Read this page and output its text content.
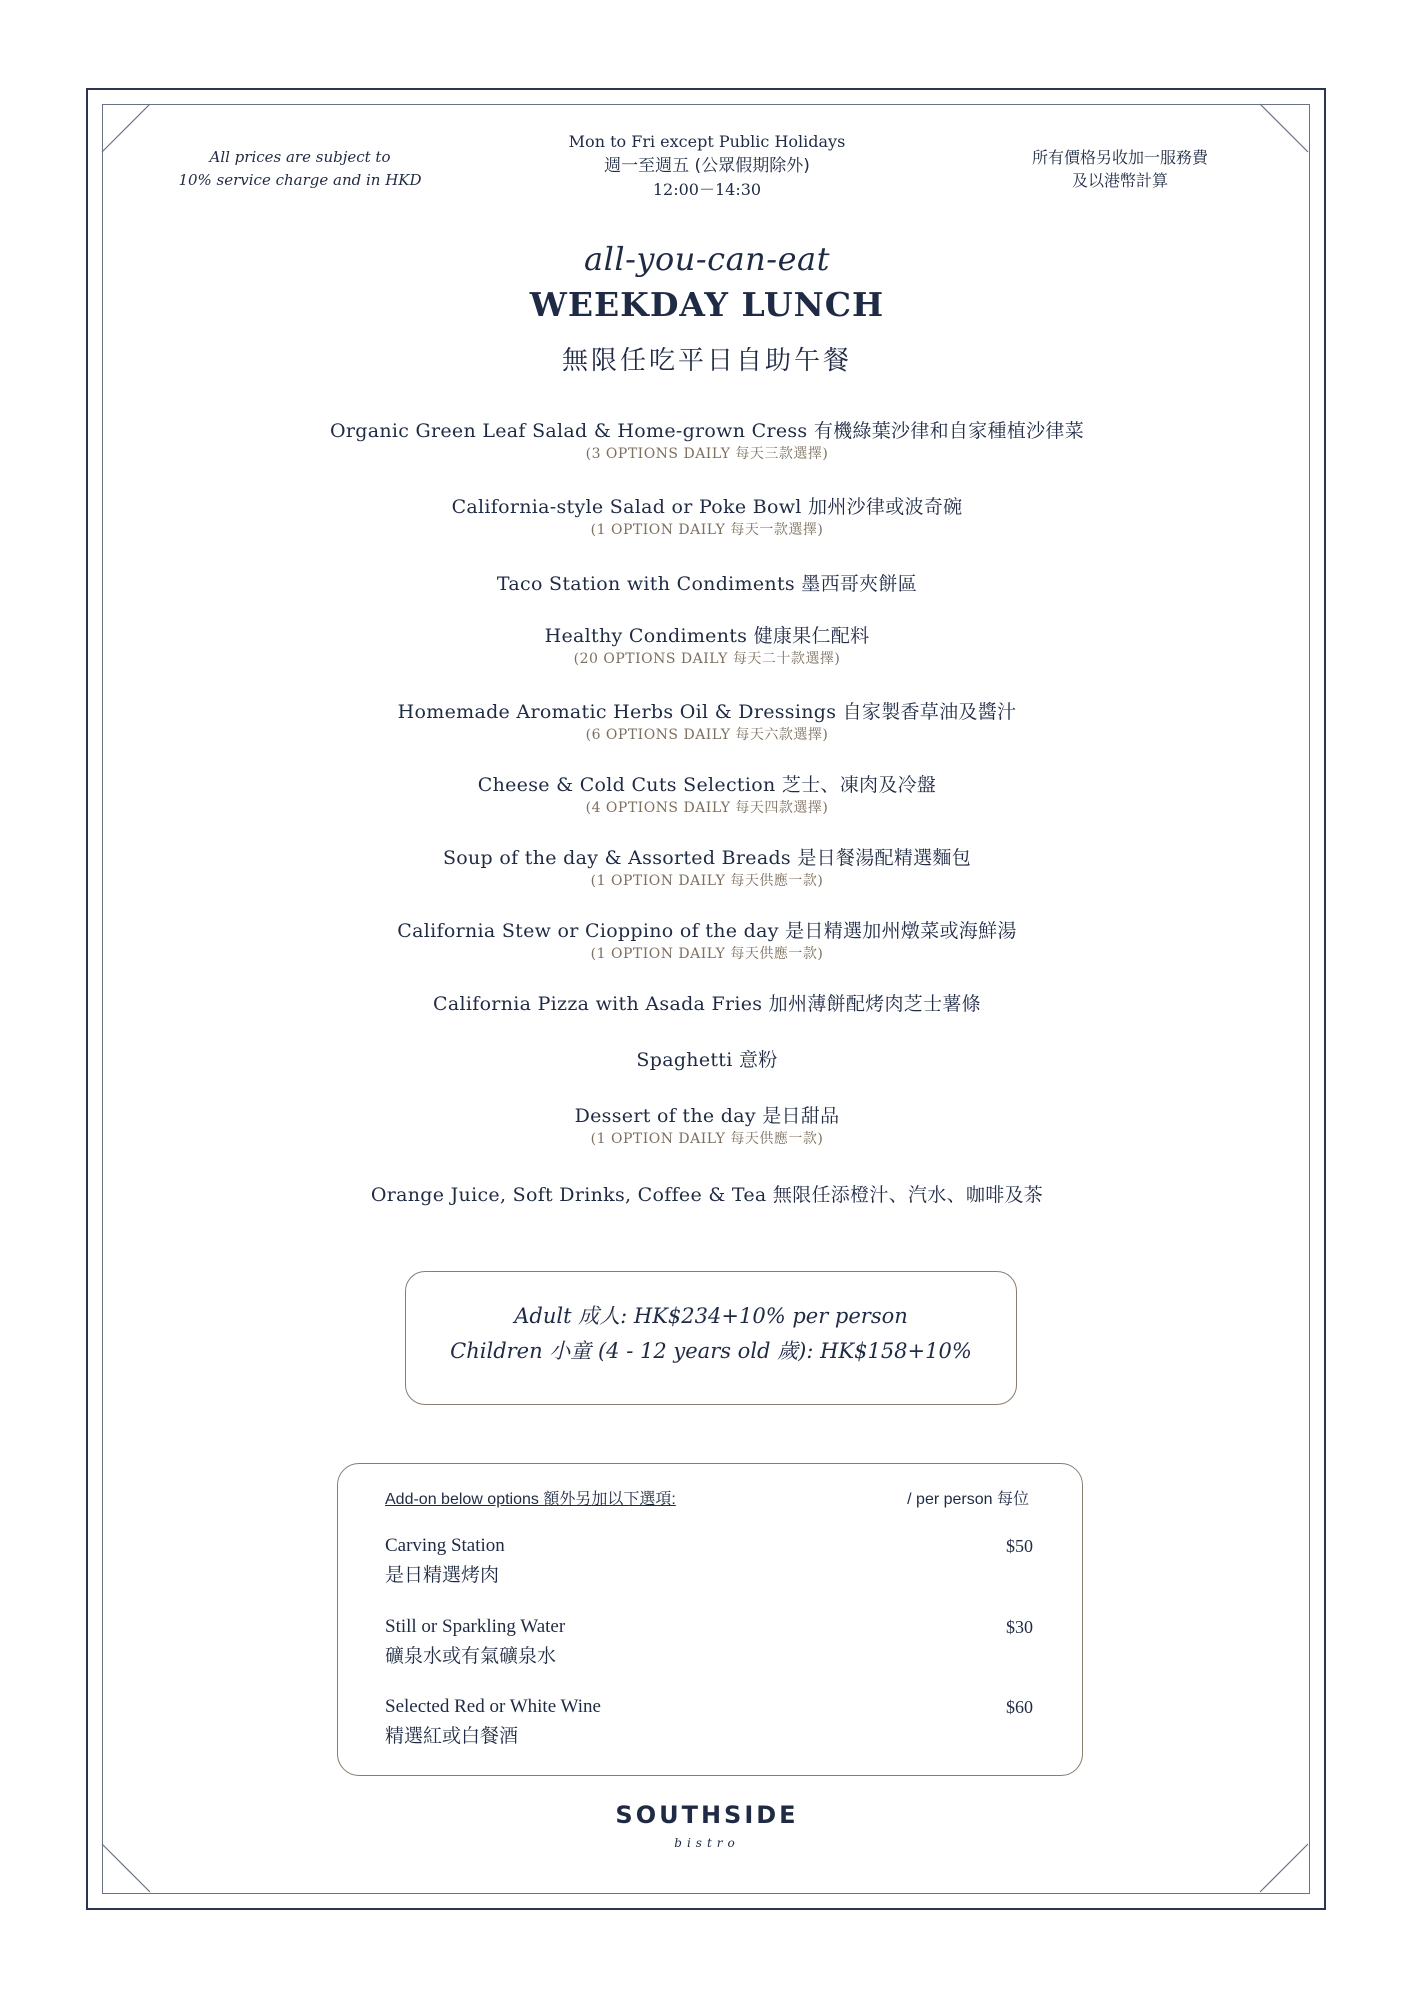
All prices are subject to
10% service charge and in HKD
Mon to Fri except Public Holidays
週一至週五 (公眾假期除外)
12:00－14:30
所有價格另收加一服務費
及以港幣計算
all-you-can-eat
WEEKDAY LUNCH
無限任吃平日自助午餐
Organic Green Leaf Salad & Home-grown Cress 有機綠葉沙律和自家種植沙律菜
(3 OPTIONS DAILY 每天三款選擇)
California-style Salad or Poke Bowl 加州沙律或波奇碗
(1 OPTION DAILY 每天一款選擇)
Taco Station with Condiments 墨西哥夾餅區
Healthy Condiments 健康果仁配料
(20 OPTIONS DAILY 每天二十款選擇)
Homemade Aromatic Herbs Oil & Dressings 自家製香草油及醬汁
(6 OPTIONS DAILY 每天六款選擇)
Cheese & Cold Cuts Selection 芝士、凍肉及冷盤
(4 OPTIONS DAILY 每天四款選擇)
Soup of the day & Assorted Breads 是日餐湯配精選麵包
(1 OPTION DAILY 每天供應一款)
California Stew or Cioppino of the day 是日精選加州燉菜或海鮮湯
(1 OPTION DAILY 每天供應一款)
California Pizza with Asada Fries 加州薄餅配烤肉芝士薯條
Spaghetti 意粉
Dessert of the day 是日甜品
(1 OPTION DAILY 每天供應一款)
Orange Juice, Soft Drinks, Coffee & Tea 無限任添橙汁、汽水、咖啡及茶
Adult 成人: HK$234+10% per person
Children 小童 (4 - 12 years old 歲): HK$158+10%
Add-on below options 額外另加以下選項:	/ per person 每位
Carving Station
是日精選烤肉
$50
Still or Sparkling Water
礦泉水或有氣礦泉水
$30
Selected Red or White Wine
精選紅或白餐酒
$60
SOUTHSIDE
bistro
